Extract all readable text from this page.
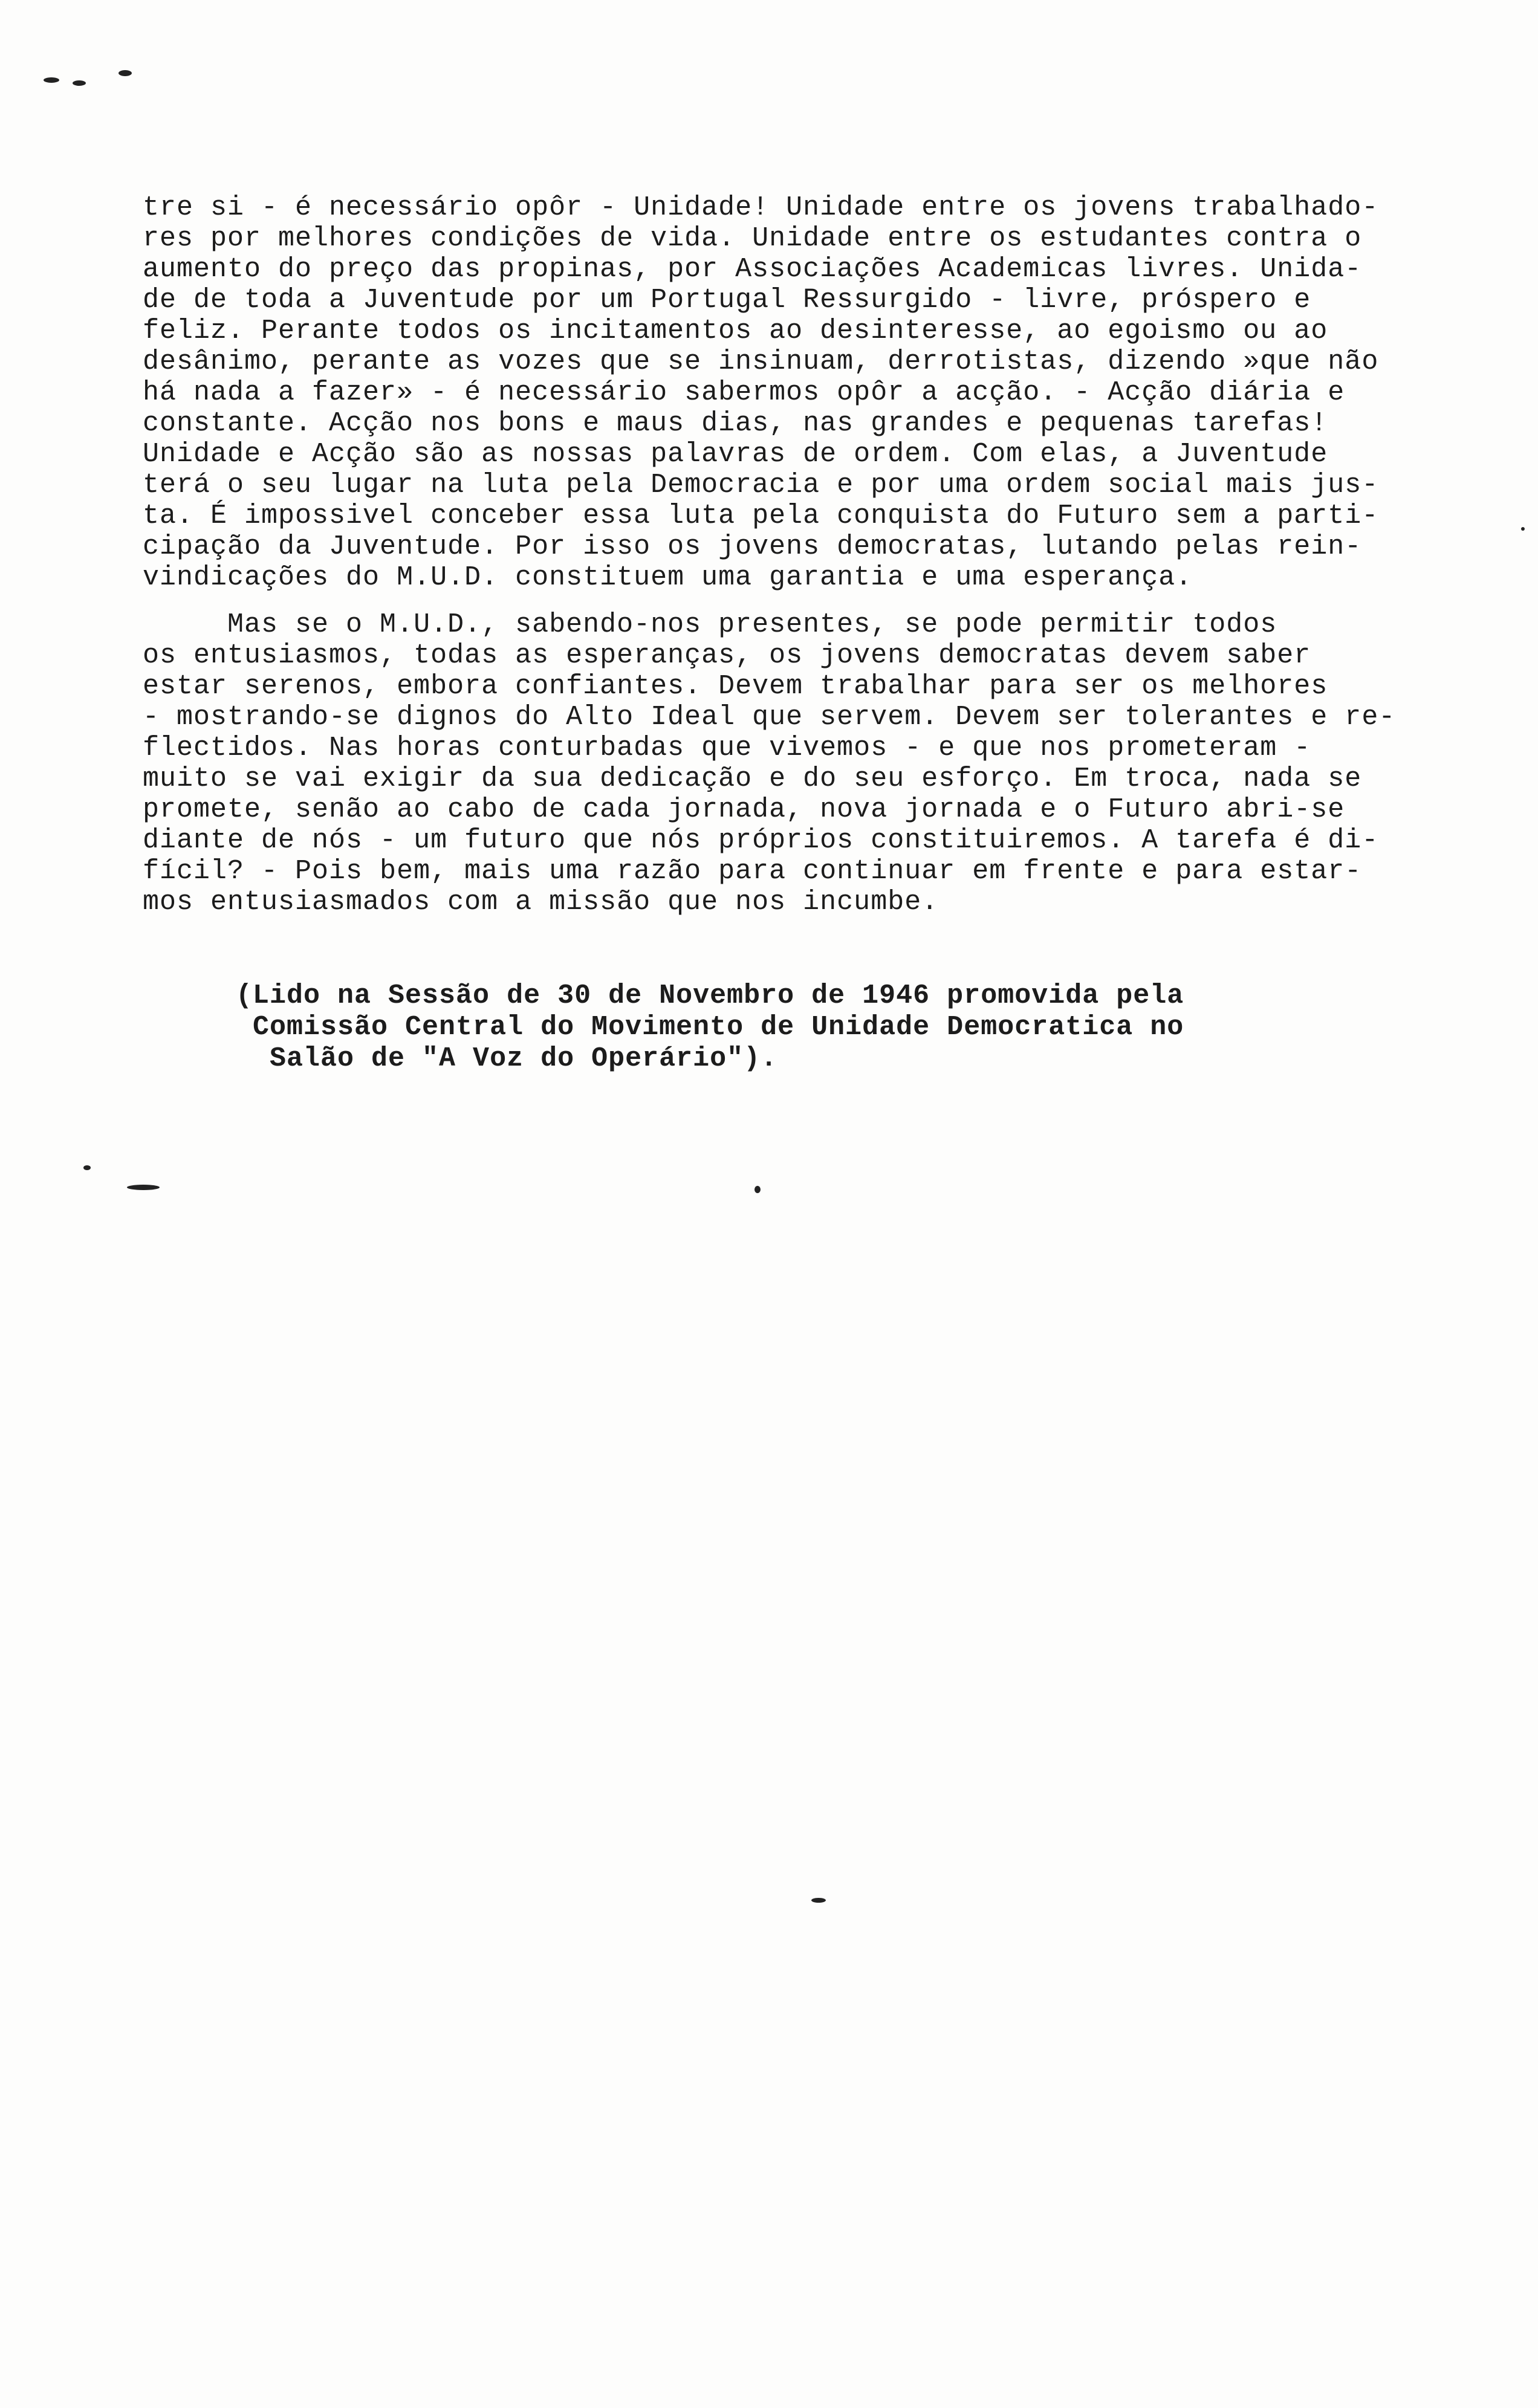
tre si - é necessário opôr - Unidade! Unidade entre os jovens trabalhado-
res por melhores condições de vida. Unidade entre os estudantes contra o
aumento do preço das propinas, por Associações Academicas livres. Unida-
de de toda a Juventude por um Portugal Ressurgido - livre, próspero e
feliz. Perante todos os incitamentos ao desinteresse, ao egoismo ou ao
desânimo, perante as vozes que se insinuam, derrotistas, dizendo »que não
há nada a fazer» - é necessário sabermos opôr a acção. - Acção diária e
constante. Acção nos bons e maus dias, nas grandes e pequenas tarefas!
Unidade e Acção são as nossas palavras de ordem. Com elas, a Juventude
terá o seu lugar na luta pela Democracia e por uma ordem social mais jus-
ta. É impossivel conceber essa luta pela conquista do Futuro sem a parti-
cipação da Juventude. Por isso os jovens democratas, lutando pelas rein-
vindicações do M.U.D. constituem uma garantia e uma esperança.
Mas se o M.U.D., sabendo-nos presentes, se pode permitir todos
os entusiasmos, todas as esperanças, os jovens democratas devem saber
estar serenos, embora confiantes. Devem trabalhar para ser os melhores
- mostrando-se dignos do Alto Ideal que servem. Devem ser tolerantes e re-
flectidos. Nas horas conturbadas que vivemos - e que nos prometeram -
muito se vai exigir da sua dedicação e do seu esforço. Em troca, nada se
promete, senão ao cabo de cada jornada, nova jornada e o Futuro abri-se
diante de nós - um futuro que nós próprios constituiremos. A tarefa é di-
fícil? - Pois bem, mais uma razão para continuar em frente e para estar-
mos entusiasmados com a missão que nos incumbe.
(Lido na Sessão de 30 de Novembro de 1946 promovida pela
Comissão Central do Movimento de Unidade Democratica no
Salão de "A Voz do Operário").
